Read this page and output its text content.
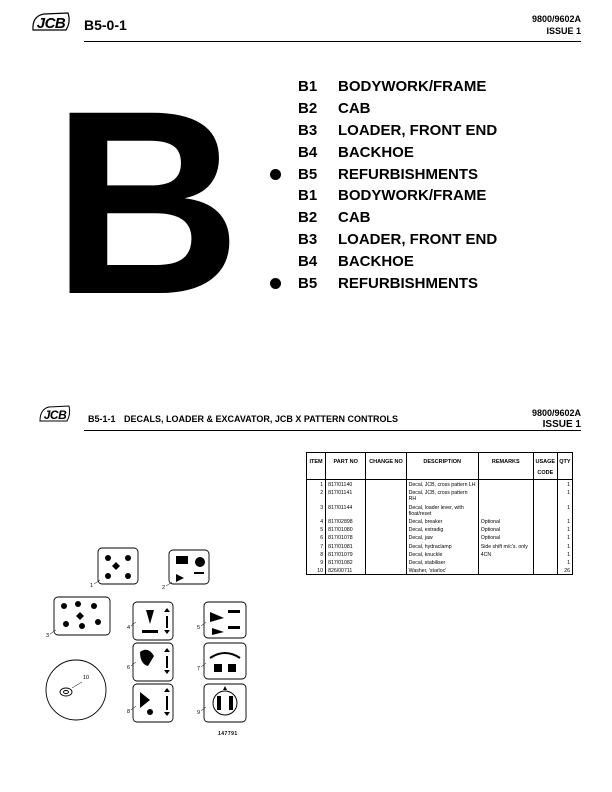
JCB B5-0-1	9800/9602A
ISSUE 1
B	B1	BODYWORK/FRAME
B2	CAB
B3	LOADER, FRONT END
B4	BACKHOE
B5	REFURBISHMENTS
B1	BODYWORK/FRAME
B2	CAB
B3	LOADER, FRONT END
B4	BACKHOE
B5	REFURBISHMENTS
JCB B5-1-1 DECALS, LOADER & EXCAVATOR, JCB X PATTERN CONTROLS
9800/9602A
ISSUE 1
ITEM	PART NO	CHANGE NO	DESCRIPTION	REMARKS	USAGE CODE	QTY
1	817/01140		Decal, JCB, cross pattern LH			1
2	817/01141		Decal, JCB, cross pattern RH			1
3	817/01144		Decal, loader lever, with float/reset			1
4	817/02898		Decal, breaker	Optional		1
5	817/01080		Decal, extradig	Optional		1
6	817/01078		Decal, jaw	Optional		1
7	817/01081		Decal, hydraclamp	Side shift m/c's. only		1
8	817/01079		Decal, knuckle	4CN		1
9	817/01082		Decal, stabiliser			1
10	826/00711		Washer, 'starloc'			26
1	2
3
4	5
6	7
8	9
10
147791
